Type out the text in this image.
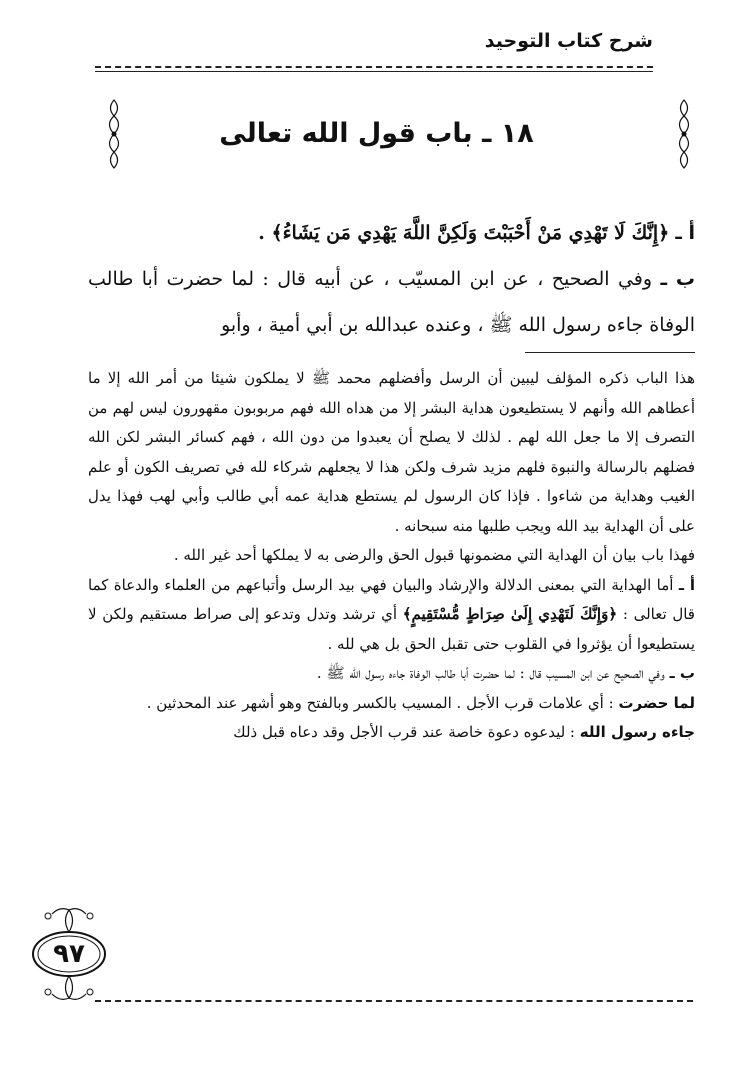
شرح كتاب التوحيد
١٨ ـ باب قول الله تعالى

أ ـ ﴿إِنَّكَ لَا تَهْدِي مَنْ أَحْبَبْتَ وَلَكِنَّ اللَّهَ يَهْدِي مَن يَشَاءُ﴾ .

ب ـ وفي الصحيح ، عن ابن المسيّب ، عن أبيه قال : لما حضرت أبا طالب الوفاة جاءه رسول الله ﷺ ، وعنده عبدالله بن أبي أمية ، وأبو

هذا الباب ذكره المؤلف ليبين أن الرسل وأفضلهم محمد ﷺ لا يملكون شيئا من أمر الله إلا ما أعطاهم الله وأنهم لا يستطيعون هداية البشر إلا من هداه الله فهم مربوبون مقهورون ليس لهم من التصرف إلا ما جعل الله لهم . لذلك لا يصلح أن يعبدوا من دون الله ، فهم كسائر البشر لكن الله فضلهم بالرسالة والنبوة فلهم مزيد شرف ولكن هذا لا يجعلهم شركاء لله في تصريف الكون أو علم الغيب وهداية من شاءوا . فإذا كان الرسول لم يستطع هداية عمه أبي طالب وأبي لهب فهذا يدل على أن الهداية بيد الله ويجب طلبها منه سبحانه .

فهذا باب بيان أن الهداية التي مضمونها قبول الحق والرضى به لا يملكها أحد غير الله .

أ ـ أما الهداية التي بمعنى الدلالة والإرشاد والبيان فهي بيد الرسل وأتباعهم من العلماء والدعاة كما قال تعالى : ﴿وَإِنَّكَ لَتَهْدِي إِلَىٰ صِرَاطٍ مُّسْتَقِيمٍ﴾ أي ترشد وتدل وتدعو إلى صراط مستقيم ولكن لا يستطيعوا أن يؤثروا في القلوب حتى تقبل الحق بل هي لله .

ب ـ وفي الصحيح عن ابن المسيب قال : لما حضرت أبا طالب الوفاة جاءه رسول الله ﷺ .

لما حضرت : أي علامات قرب الأجل . المسيب بالكسر وبالفتح وهو أشهر عند المحدثين .

جاءه رسول الله : ليدعوه دعوة خاصة عند قرب الأجل وقد دعاه قبل ذلك

٩٧
